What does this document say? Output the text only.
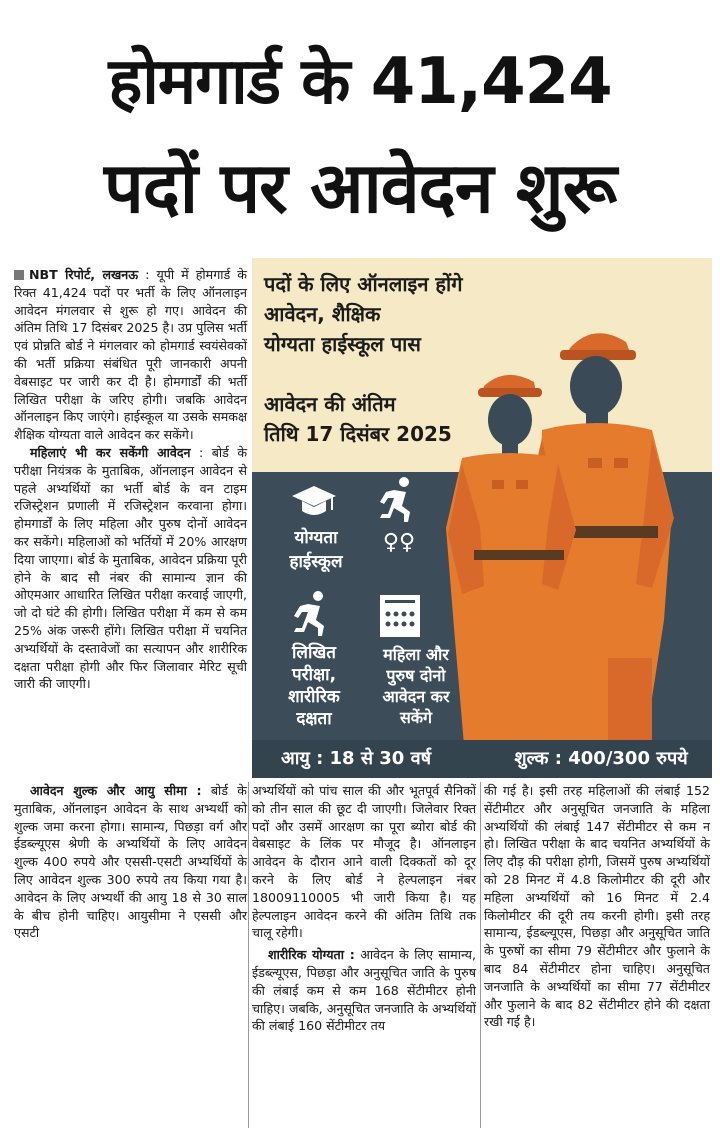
होमगार्ड के 41,424
पदों पर आवेदन शुरू

NBT रिपोर्ट, लखनऊ : यूपी में होमगार्ड के रिक्त 41,424 पदों पर भर्ती के लिए ऑनलाइन आवेदन मंगलवार से शुरू हो गए। आवेदन की अंतिम तिथि 17 दिसंबर 2025 है। उप्र पुलिस भर्ती एवं प्रोन्नति बोर्ड ने मंगलवार को होमगार्ड स्वयंसेवकों की भर्ती प्रक्रिया संबंधित पूरी जानकारी अपनी वेबसाइट पर जारी कर दी है। होमगार्डों की भर्ती लिखित परीक्षा के जरिए होगी। जबकि आवेदन ऑनलाइन किए जाएंगे। हाईस्कूल या उसके समकक्ष शैक्षिक योग्यता वाले आवेदन कर सकेंगे।

महिलाएं भी कर सकेंगी आवेदन : बोर्ड के परीक्षा नियंत्रक के मुताबिक, ऑनलाइन आवेदन से पहले अभ्यर्थियों का भर्ती बोर्ड के वन टाइम रजिस्ट्रेशन प्रणाली में रजिस्ट्रेशन करवाना होगा। होमगार्डों के लिए महिला और पुरुष दोनों आवेदन कर सकेंगे। महिलाओं को भर्तियों में 20% आरक्षण दिया जाएगा। बोर्ड के मुताबिक, आवेदन प्रक्रिया पूरी होने के बाद सौ नंबर की सामान्य ज्ञान की ओएमआर आधारित लिखित परीक्षा करवाई जाएगी, जो दो घंटे की होगी। लिखित परीक्षा में कम से कम 25% अंक जरूरी होंगे। लिखित परीक्षा में चयनित अभ्यर्थियों के दस्तावेजों का सत्यापन और शारीरिक दक्षता परीक्षा होगी और फिर जिलावार मेरिट सूची जारी की जाएगी।

पदों के लिए ऑनलाइन होंगे
आवेदन, शैक्षिक
योग्यता हाईस्कूल पास
आवेदन की अंतिम
तिथि 17 दिसंबर 2025
योग्यता
हाईस्कूल
♀♀
लिखित
परीक्षा,
शारीरिक
दक्षता
महिला और
पुरुष दोनो
आवेदन कर
सकेंगे
आयु : 18 से 30 वर्ष	शुल्क : 400/300 रुपये

आवेदन शुल्क और आयु सीमा : बोर्ड के मुताबिक, ऑनलाइन आवेदन के साथ अभ्यर्थी को शुल्क जमा करना होगा। सामान्य, पिछड़ा वर्ग और ईडब्ल्यूएस श्रेणी के अभ्यर्थियों के लिए आवेदन शुल्क 400 रुपये और एससी-एसटी अभ्यर्थियों के लिए आवेदन शुल्क 300 रुपये तय किया गया है। आवेदन के लिए अभ्यर्थी की आयु 18 से 30 साल के बीच होनी चाहिए। आयुसीमा ने एससी और एसटी

अभ्यर्थियों को पांच साल की और भूतपूर्व सैनिकों को तीन साल की छूट दी जाएगी। जिलेवार रिक्त पदों और उसमें आरक्षण का पूरा ब्योरा बोर्ड की वेबसाइट के लिंक पर मौजूद है। ऑनलाइन आवेदन के दौरान आने वाली दिक्कतों को दूर करने के लिए बोर्ड ने हेल्पलाइन नंबर 18009110005 भी जारी किया है। यह हेल्पलाइन आवेदन करने की अंतिम तिथि तक चालू रहेगी।

शारीरिक योग्यता : आवेदन के लिए सामान्य, ईडब्ल्यूएस, पिछड़ा और अनुसूचित जाति के पुरुष की लंबाई कम से कम 168 सेंटीमीटर होनी चाहिए। जबकि, अनुसूचित जनजाति के अभ्यर्थियों की लंबाई 160 सेंटीमीटर तय

की गई है। इसी तरह महिलाओं की लंबाई 152 सेंटीमीटर और अनुसूचित जनजाति के महिला अभ्यर्थियों की लंबाई 147 सेंटीमीटर से कम न हो। लिखित परीक्षा के बाद चयनित अभ्यर्थियों के लिए दौड़ की परीक्षा होगी, जिसमें पुरुष अभ्यर्थियों को 28 मिनट में 4.8 किलोमीटर की दूरी और महिला अभ्यर्थियों को 16 मिनट में 2.4 किलोमीटर की दूरी तय करनी होगी। इसी तरह सामान्य, ईडब्ल्यूएस, पिछड़ा और अनुसूचित जाति के पुरुषों का सीमा 79 सेंटीमीटर और फुलाने के बाद 84 सेंटीमीटर होना चाहिए। अनुसूचित जनजाति के अभ्यर्थियों का सीमा 77 सेंटीमीटर और फुलाने के बाद 82 सेंटीमीटर होने की दक्षता रखी गई है।
